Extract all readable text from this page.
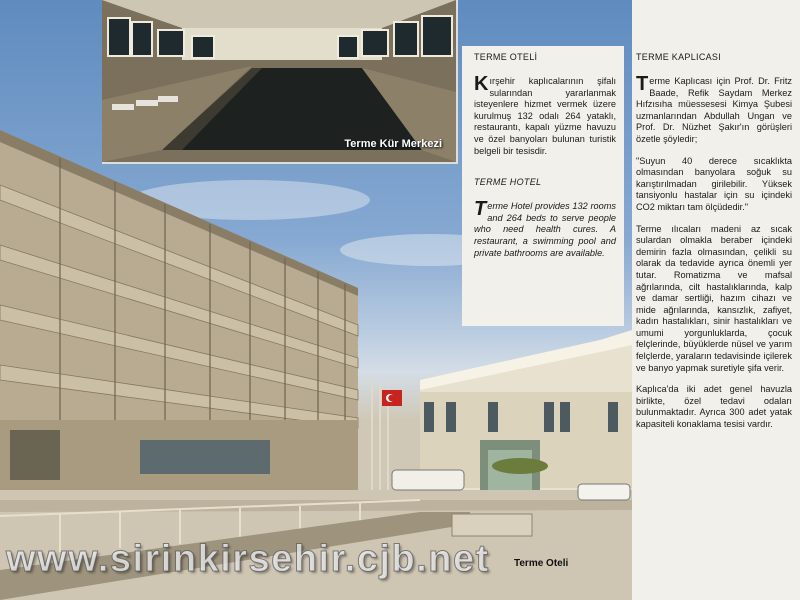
Terme Kür Merkezi
TERME OTELİ

Kırşehir kaplıcalarının şifalı sularından yararlanmak isteyenlere hizmet vermek üzere kurulmuş 132 odalı 264 yataklı, restaurantı, kapalı yüzme havuzu ve özel banyoları bulunan turistik belgeli bir tesisdir.

TERME HOTEL

Terme Hotel provides 132 rooms and 264 beds to serve people who need health cures. A restaurant, a swimming pool and private bathrooms are available.

TERME KAPLICASI

Terme Kaplıcası için Prof. Dr. Fritz Baade, Refik Saydam Merkez Hıfzısıha müessesesi Kimya Şubesi uzmanlarından Abdullah Ungan ve Prof. Dr. Nüzhet Şakır'ın görüşleri özetle şöyledir;

"Suyun 40 derece sıcaklıkta olmasından banyolara soğuk su karıştırılmadan girilebilir. Yüksek tansiyonlu hastalar için su içindeki CO2 miktarı tam ölçüdedir."

Terme ılıcaları madeni az sıcak sulardan olmakla beraber içindeki demirin fazla olmasından, çelikli su olarak da tedavide ayrıca önemli yer tutar. Romatizma ve mafsal ağrılarında, cilt hastalıklarında, kalp ve damar sertliği, hazım cihazı ve mide ağrılarında, kansızlık, zafiyet, kadın hastalıkları, sinir hastalıkları ve umumi yorgunluklarda, çocuk felçlerinde, büyüklerde nüsel ve yarım felçlerde, yaraların tedavisinde içilerek ve banyo yapmak suretiyle şifa verir.

Kaplıca'da iki adet genel havuzla birlikte, özel tedavi odaları bulunmaktadır. Ayrıca 300 adet yatak kapasiteli konaklama tesisi vardır.

Terme Oteli
www.sirinkirsehir.cjb.net
